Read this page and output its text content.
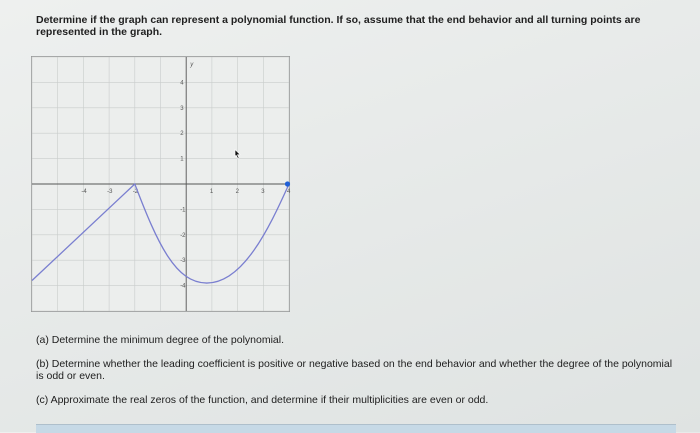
Determine if the graph can represent a polynomial function. If so, assume that the end behavior and all turning points are represented in the graph.
-4	-3	-2	1	2	3	4
4
3
2
1
-1
-2
-3
-4
y
(a) Determine the minimum degree of the polynomial.
(b) Determine whether the leading coefficient is positive or negative based on the end behavior and whether the degree of the polynomial is odd or even.
(c) Approximate the real zeros of the function, and determine if their multiplicities are even or odd.
